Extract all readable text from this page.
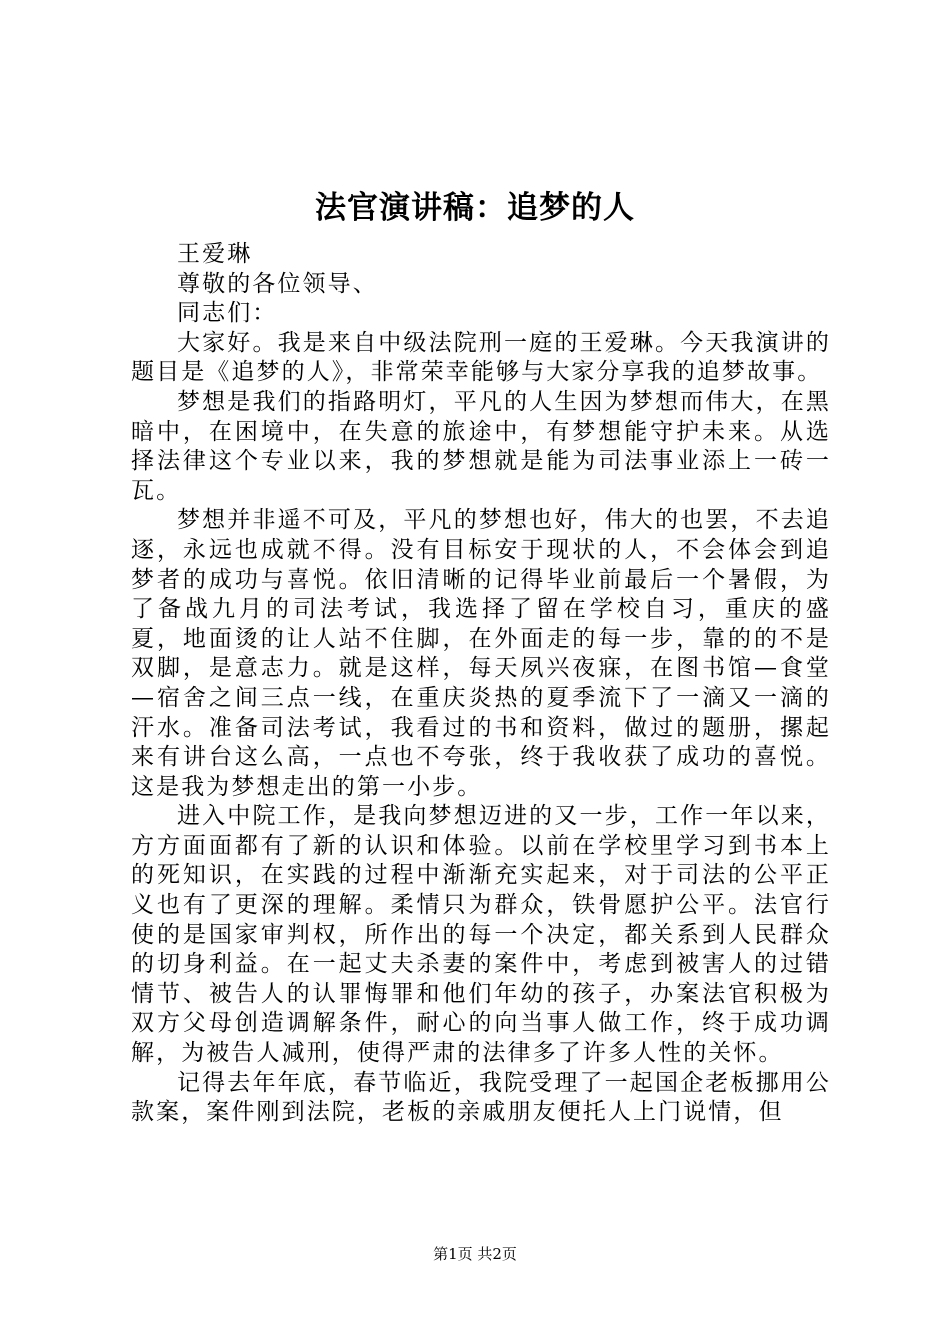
法官演讲稿：追梦的人

王爱琳

尊敬的各位领导、

同志们：

大家好。我是来自中级法院刑一庭的王爱琳。今天我演讲的题目是《追梦的人》，非常荣幸能够与大家分享我的追梦故事。

梦想是我们的指路明灯，平凡的人生因为梦想而伟大，在黑暗中，在困境中，在失意的旅途中，有梦想能守护未来。从选择法律这个专业以来，我的梦想就是能为司法事业添上一砖一瓦。

梦想并非遥不可及，平凡的梦想也好，伟大的也罢，不去追逐，永远也成就不得。没有目标安于现状的人，不会体会到追梦者的成功与喜悦。依旧清晰的记得毕业前最后一个暑假，为了备战九月的司法考试，我选择了留在学校自习，重庆的盛夏，地面烫的让人站不住脚，在外面走的每一步，靠的的不是双脚，是意志力。就是这样，每天夙兴夜寐，在图书馆—食堂—宿舍之间三点一线，在重庆炎热的夏季流下了一滴又一滴的汗水。准备司法考试，我看过的书和资料，做过的题册，摞起来有讲台这么高，一点也不夸张，终于我收获了成功的喜悦。这是我为梦想走出的第一小步。

进入中院工作，是我向梦想迈进的又一步，工作一年以来，方方面面都有了新的认识和体验。以前在学校里学习到书本上的死知识，在实践的过程中渐渐充实起来，对于司法的公平正义也有了更深的理解。柔情只为群众，铁骨愿护公平。法官行使的是国家审判权，所作出的每一个决定，都关系到人民群众的切身利益。在一起丈夫杀妻的案件中，考虑到被害人的过错情节、被告人的认罪悔罪和他们年幼的孩子，办案法官积极为双方父母创造调解条件，耐心的向当事人做工作，终于成功调解，为被告人减刑，使得严肃的法律多了许多人性的关怀。

记得去年年底，春节临近，我院受理了一起国企老板挪用公款案，案件刚到法院，老板的亲戚朋友便托人上门说情，但

第1页 共2页
